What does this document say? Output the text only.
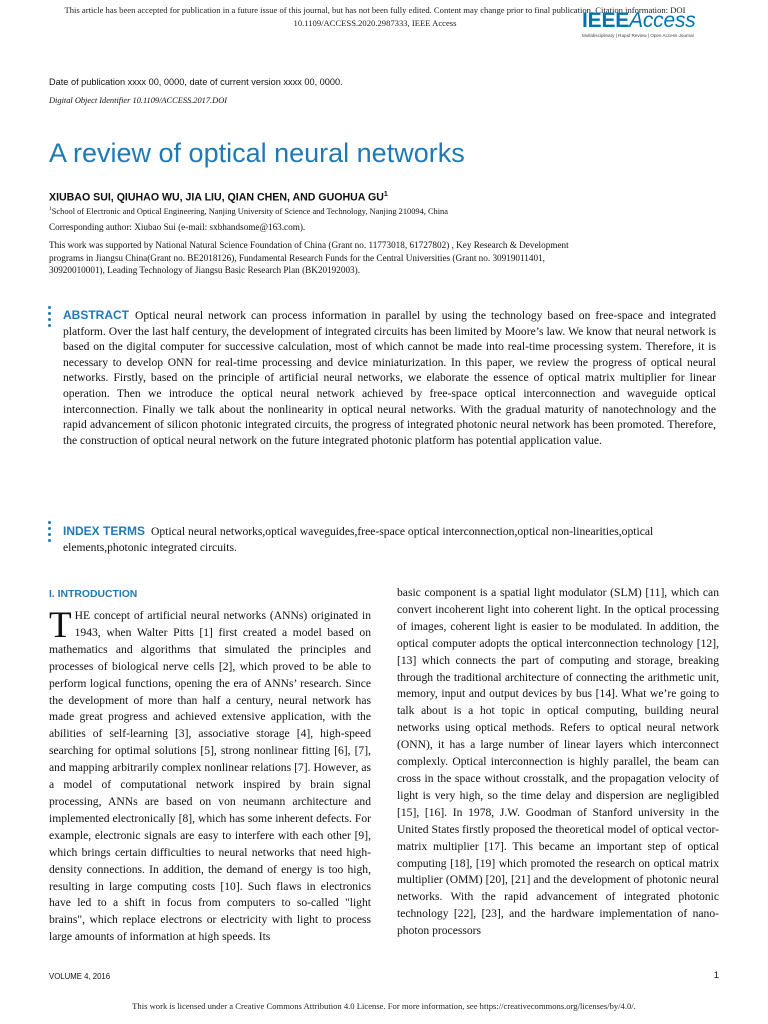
This article has been accepted for publication in a future issue of this journal, but has not been fully edited. Content may change prior to final publication. Citation information: DOI
10.1109/ACCESS.2020.2987333, IEEE Access	IEEEAccess
Multidisciplinary | Rapid Review | Open Access Journal
Date of publication xxxx 00, 0000, date of current version xxxx 00, 0000.
Digital Object Identifier 10.1109/ACCESS.2017.DOI
A review of optical neural networks
XIUBAO SUI, QIUHAO WU, JIA LIU, QIAN CHEN, AND GUOHUA $GU^1$
$^1$School of Electronic and Optical Engineering, Nanjing University of Science and Technology, Nanjing 210094, China
Corresponding author: Xiubao Sui (e-mail: sxbhandsome@163.com).
This work was supported by National Natural Science Foundation of China (Grant no. 11773018, 61727802) , Key Research & Development programs in Jiangsu China(Grant no. BE2018126), Fundamental Research Funds for the Central Universities (Grant no. 30919011401, 30920010001), Leading Technology of Jiangsu Basic Research Plan (BK20192003).
ABSTRACT Optical neural network can process information in parallel by using the technology based on free-space and integrated platform. Over the last half century, the development of integrated circuits has been limited by Moore’s law. We know that neural network is based on the digital computer for successive calculation, most of which cannot be made into real-time processing system. Therefore, it is necessary to develop ONN for real-time processing and device miniaturization. In this paper, we review the progress of optical neural networks. Firstly, based on the principle of artificial neural networks, we elaborate the essence of optical matrix multiplier for linear operation. Then we introduce the optical neural network achieved by free-space optical interconnection and waveguide optical interconnection. Finally we talk about the nonlinearity in optical neural networks. With the gradual maturity of nanotechnology and the rapid advancement of silicon photonic integrated circuits, the progress of integrated photonic neural network has been promoted. Therefore, the construction of optical neural network on the future integrated photonic platform has potential application value.
INDEX TERMS Optical neural networks,optical waveguides,free-space optical interconnection,optical non-linearities,optical elements,photonic integrated circuits.
I. INTRODUCTION
THE concept of artificial neural networks (ANNs) originated in 1943, when Walter Pitts [1] first created a model based on mathematics and algorithms that simulated the principles and processes of biological nerve cells [2], which proved to be able to perform logical functions, opening the era of ANNs’ research. Since the development of more than half a century, neural network has made great progress and achieved extensive application, with the abilities of self-learning [3], associative storage [4], high-speed searching for optimal solutions [5], strong nonlinear fitting [6], [7], and mapping arbitrarily complex nonlinear relations [7]. However, as a model of computational network inspired by brain signal processing, ANNs are based on von neumann architecture and implemented electronically [8], which has some inherent defects. For example, electronic signals are easy to interfere with each other [9], which brings certain difficulties to neural networks that need high-density connections. In addition, the demand of energy is too high, resulting in large computing costs [10]. Such flaws in electronics have led to a shift in focus from computers to so-called "light brains", which replace electrons or electricity with light to process large amounts of information at high speeds. Its
basic component is a spatial light modulator (SLM) [11], which can convert incoherent light into coherent light. In the optical processing of images, coherent light is easier to be modulated. In addition, the optical computer adopts the optical interconnection technology [12], [13] which connects the part of computing and storage, breaking through the traditional architecture of connecting the arithmetic unit, memory, input and output devices by bus [14]. What we’re going to talk about is a hot topic in optical computing, building neural networks using optical methods. Refers to optical neural network (ONN), it has a large number of linear layers which interconnect complexly. Optical interconnection is highly parallel, the beam can cross in the space without crosstalk, and the propagation velocity of light is very high, so the time delay and dispersion are negligibled [15], [16]. In 1978, J.W. Goodman of Stanford university in the United States firstly proposed the theoretical model of optical vector-matrix multiplier [17]. This became an important step of optical computing [18], [19] which promoted the research on optical matrix multiplier (OMM) [20], [21] and the development of photonic neural networks. With the rapid advancement of integrated photonic technology [22], [23], and the hardware implementation of nano-photon processors
VOLUME 4, 2016	1
This work is licensed under a Creative Commons Attribution 4.0 License. For more information, see https://creativecommons.org/licenses/by/4.0/.
